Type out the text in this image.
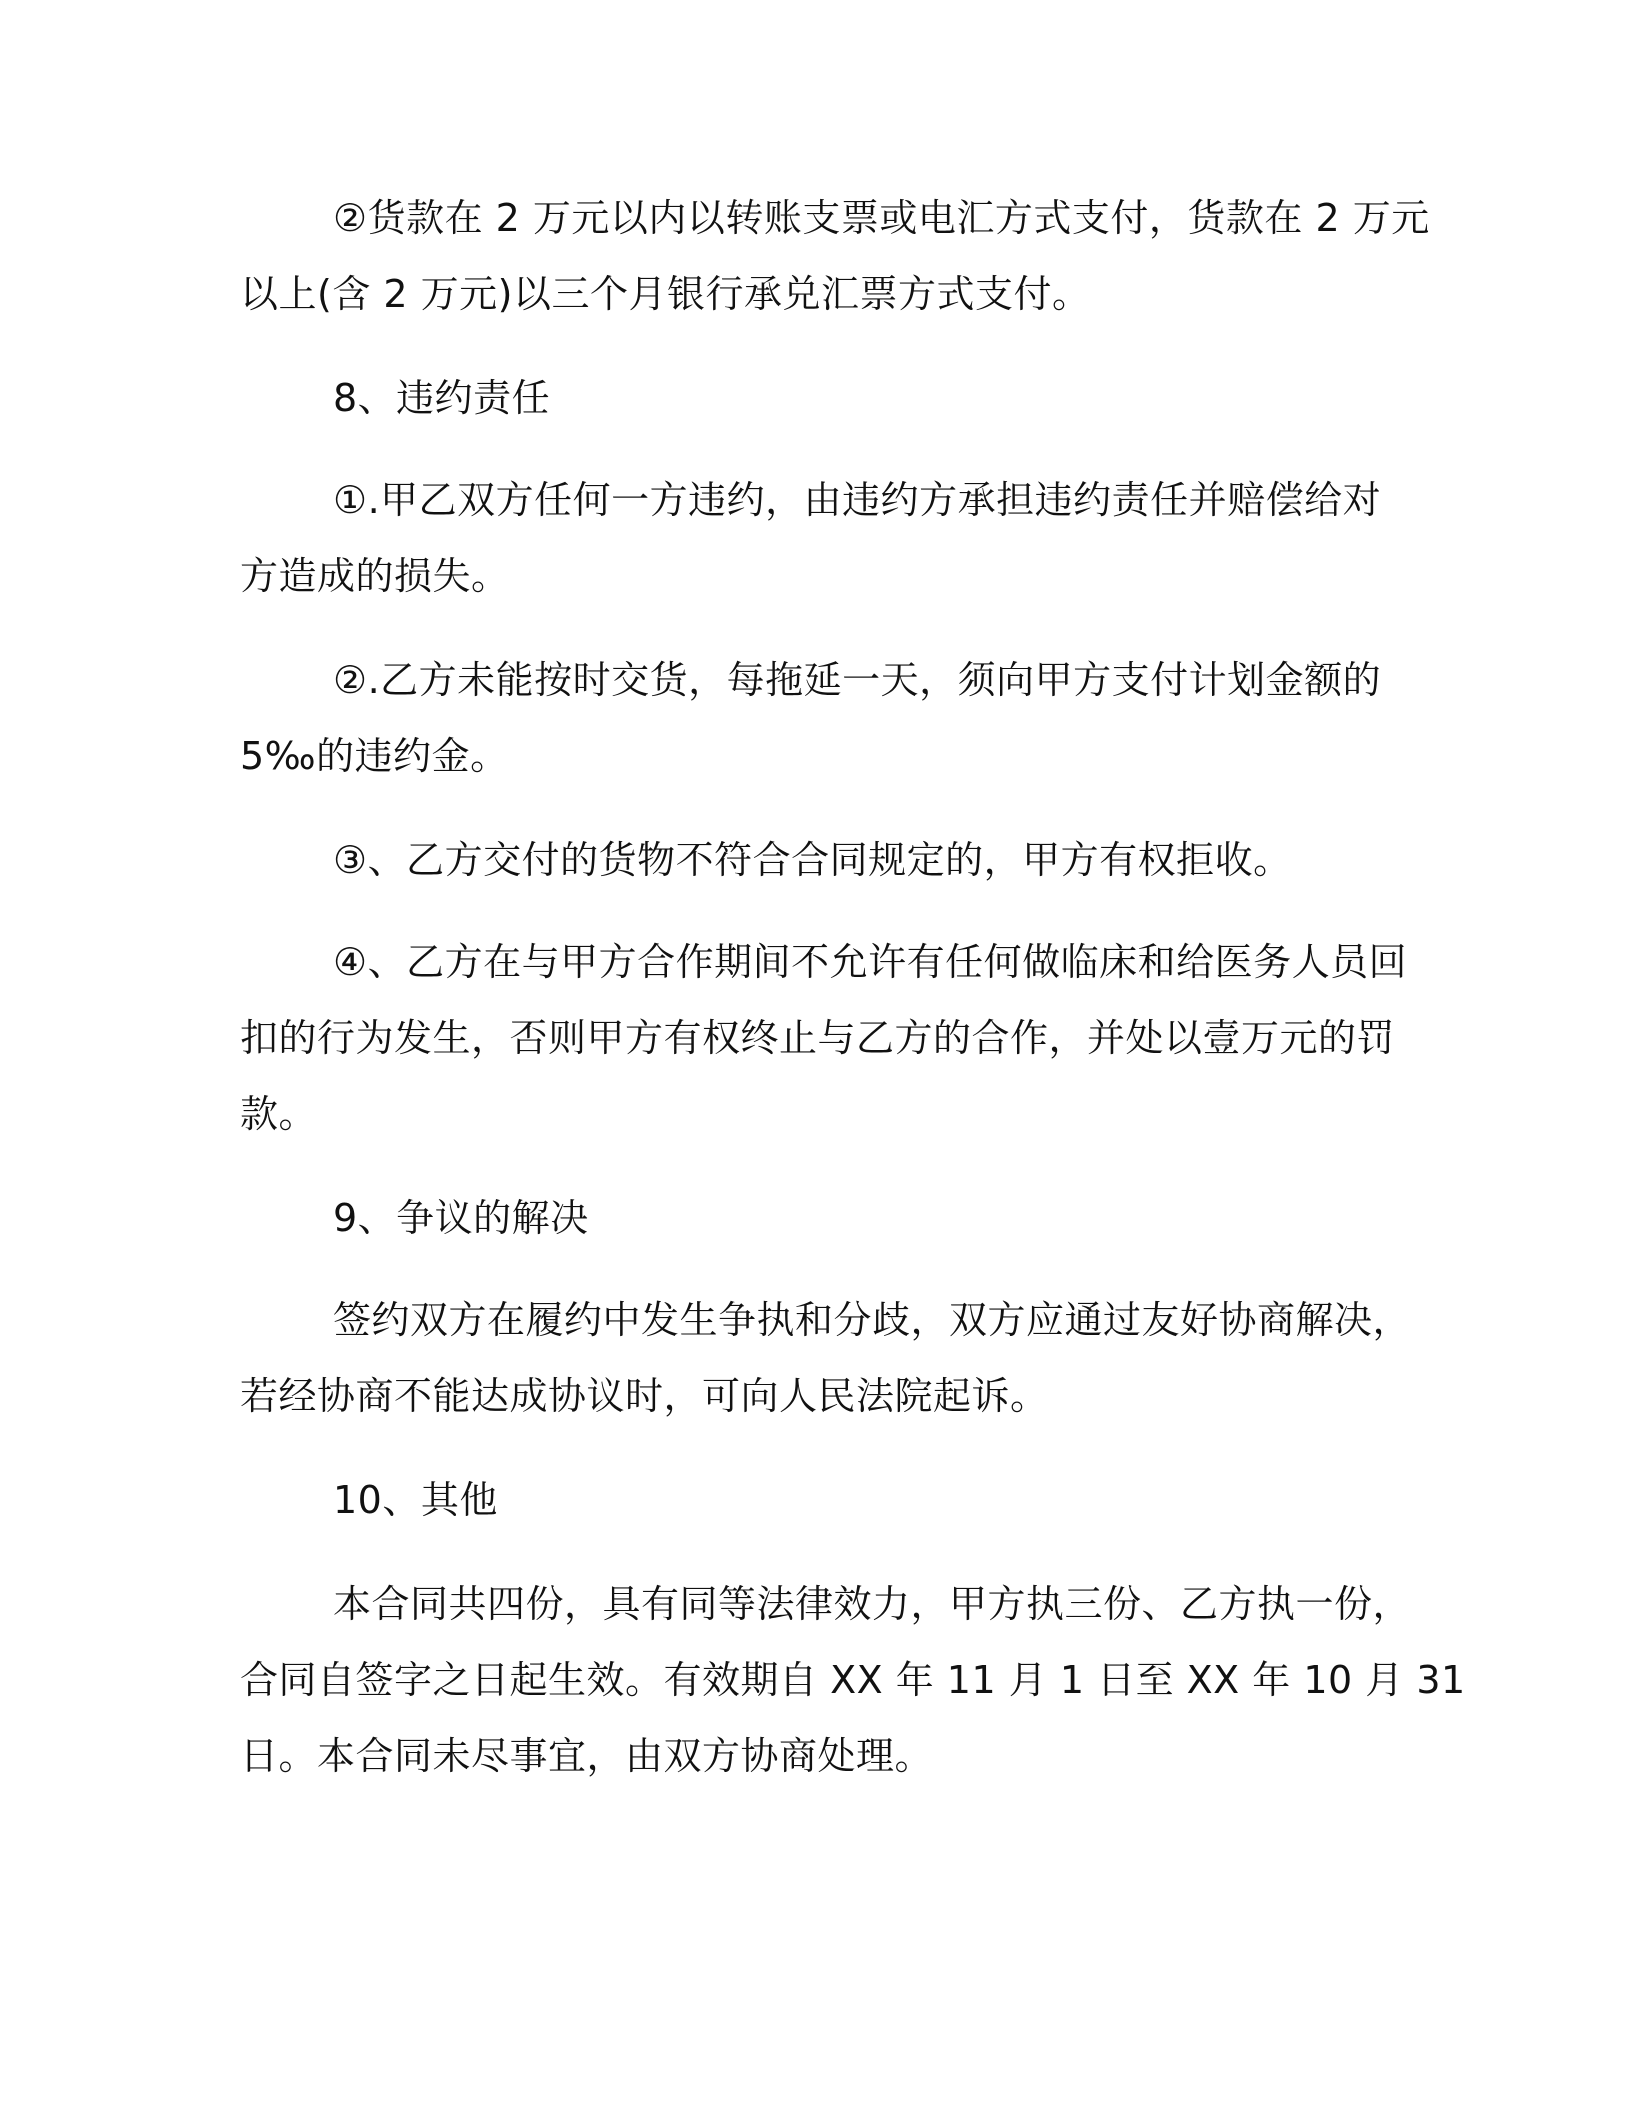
②货款在 2 万元以内以转账支票或电汇方式支付，货款在 2 万元

以上(含 2 万元)以三个月银行承兑汇票方式支付。

8、违约责任

①.甲乙双方任何一方违约，由违约方承担违约责任并赔偿给对

方造成的损失。

②.乙方未能按时交货，每拖延一天，须向甲方支付计划金额的

5‰的违约金。

③、乙方交付的货物不符合合同规定的，甲方有权拒收。

④、乙方在与甲方合作期间不允许有任何做临床和给医务人员回

扣的行为发生，否则甲方有权终止与乙方的合作，并处以壹万元的罚

款。

9、争议的解决

签约双方在履约中发生争执和分歧，双方应通过友好协商解决，

若经协商不能达成协议时，可向人民法院起诉。

10、其他

本合同共四份，具有同等法律效力，甲方执三份、乙方执一份，

合同自签字之日起生效。有效期自 XX 年 11 月 1 日至 XX 年 10 月 31

日。本合同未尽事宜，由双方协商处理。
